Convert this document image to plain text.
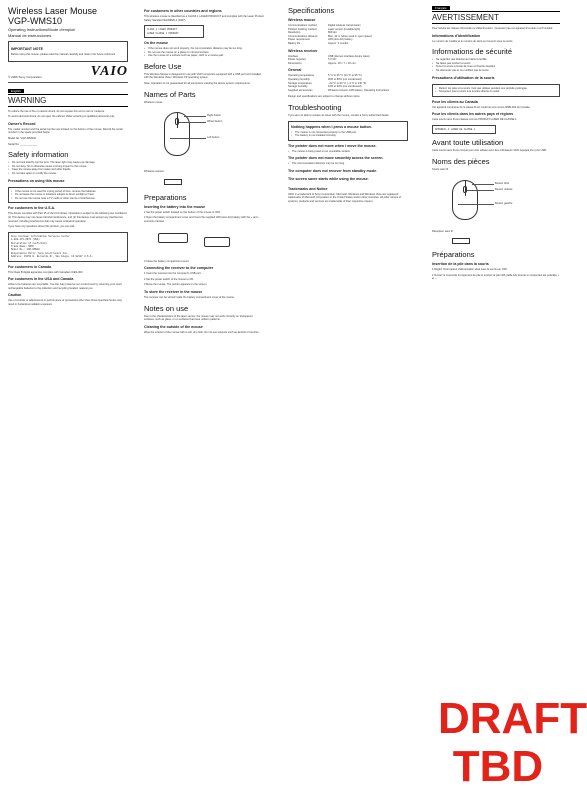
Wireless Laser Mouse
VGP-WMS10
Operating Instructions/Mode d'emploi/
Manual de instrucciones
IMPORTANT NOTE
Before using this mouse, please read this manual carefully and retain it for future reference.
© 2006 Sony Corporation	VAIO
English
WARNING
To reduce the risk of fire or electric shock, do not expose this unit to rain or moisture.
To avoid electrical shock, do not open the cabinet. Refer servicing to qualified personnel only.
Owner's Record
The model number and the serial number are located on the bottom of the mouse. Record the serial number in the space provided below.
Model No. VGP-WMS10
Serial No. ____________
Safety information
• Do not look directly into the lens. The laser light may cause eye damage.
• Do not drop, hit or otherwise cause a strong impact to the mouse.
• Keep the mouse away from water and other liquids.
• Do not take apart or modify the mouse.
Precautions on using this mouse
• If the mouse is not used for a long period of time, remove the batteries.
• Do not leave the mouse in locations subject to direct sunlight or heat.
• Do not use the mouse near a TV, radio or other source of interference.
For customers in the U.S.A.
This device complies with Part 15 of the FCC Rules. Operation is subject to the following two conditions: (1) This device may not cause harmful interference, and (2) this device must accept any interference received, including interference that may cause undesired operation.
If you have any questions about this product, you can call:
Sony Customer Information Services Center
1-888-476-6972 (USA)
Declaration of Conformity
Trade Name: SONY
Model No.: VGP-WMS10
Responsible Party: Sony Electronics Inc.
Address: 16450 W. Bernardo Dr, San Diego, CA 92127 U.S.A.
For customers in Canada
This Class B digital apparatus complies with Canadian ICES-003.
For customers in the USA and Canada
Lithium-Ion batteries are recyclable. You can help preserve our environment by returning your used rechargeable batteries to the collection and recycling location nearest you.
Caution
Use of controls or adjustments or performance of procedures other than those specified herein may result in hazardous radiation exposure.
For customers in other countries and regions
This wireless mouse is classified as a CLASS 1 LASER PRODUCT and complies with the Laser Product Safety Standard IEC60825-1 (2007).
CLASS 1 LASER PRODUCT
LASER KLASSE 1 PRODUKT
On the mouse
• If the mouse does not work properly, the communication distance may be too long.
• Do not use the mouse on a glass or mirrored surface.
• Use the mouse on a surface such as paper, cloth or a mouse pad.
Before Use
This Wireless Mouse is designed for use with VAIO computers equipped with a USB port and installed with the Windows Vista / Windows XP operating system.
Note: Operation is not guaranteed for all computers meeting the above system requirements.
Names of Parts
Wireless mouse
Right button
Wheel button
Left button
Wireless receiver
Preparations
Inserting the battery into the mouse
1 Set the power switch located on the bottom of the mouse to OFF.
2 Open the battery compartment cover and insert the supplied LR6 (size AA) battery with the + and − correctly oriented.
3 Close the battery compartment cover.
Connecting the receiver to the computer
1 Insert the receiver into the computer's USB port.
2 Set the power switch of the mouse to ON.
3 Move the mouse. The pointer appears on the screen.
To store the receiver in the mouse
The receiver can be stored inside the battery compartment cover of the mouse.
Notes on use
Due to the characteristics of the laser sensor, the mouse may not work correctly on transparent surfaces, such as glass, or on surfaces that have uniform patterns.
Cleaning the outside of the mouse
Wipe the exterior of the mouse with a soft, dry cloth. Do not use solvents such as alcohol or benzine.
Specifications
Wireless mouse
Communications method	Digital wireless transmission
Position tracking method	Laser sensor (invisible light)
Resolution	800 dpi
Communications distance	Max. 10 m (when used in open space)
Power requirement	LR6 (size AA) battery
Battery life	Approx. 3 months
Wireless receiver
Interface	USB (Human interface device class)
Power required	5 V DC
Dimensions	Approx. 18 × 7 × 46 mm
General
Operating temperature	5 °C to 35 °C (41 °F to 95 °F)
Operating humidity	20% to 80% (not condensed)
Storage temperature	−20 °C to 60 °C (−4 °F to 140 °F)
Storage humidity	10% to 90% (not condensed)
Supplied accessories	Wireless receiver, LR6 battery, Operating Instructions
Design and specifications are subject to change without notice.
Troubleshooting
If you are not able to resolve an issue with the mouse, contact a Sony authorized dealer.
Nothing happens when I press a mouse button.
• The mouse is not connected properly to the USB port.
• The battery is not installed correctly.
The pointer does not move when I move the mouse.
• The mouse is being used on an unsuitable surface.
The pointer does not move smoothly across the screen.
• The communication distance may be too long.
The computer does not recover from standby mode.
The screen saver starts while using the mouse.
Trademarks and Notice
VAIO is a trademark of Sony Corporation. Microsoft, Windows and Windows Vista are registered trademarks of Microsoft Corporation in the United States and/or other countries. All other names of systems, products and services are trademarks of their respective owners.
Français
AVERTISSEMENT
Pour réduire les risques d'incendie ou d'électrocution, n'exposez pas cet appareil à la pluie ni à l'humidité.
Informations d'identification
Le numéro de modèle et le numéro de série se trouvent sous la souris.
Informations de sécurité
• Ne regardez pas directement dans la lentille.
• Ne faites pas tomber la souris.
• Tenez la souris à l'écart de l'eau et d'autres liquides.
• Ne démontez pas et ne modifiez pas la souris.
Précautions d'utilisation de la souris
• Retirez les piles si la souris n'est pas utilisée pendant une période prolongée.
• N'exposez pas la souris à la lumière directe du soleil.
Pour les clients au Canada
Cet appareil numérique de la classe B est conforme à la norme NMB-003 du Canada.
Pour les clients dans les autres pays et régions
Cette souris sans fil est classée comme PRODUIT LASER DE CLASSE 1.
APPAREIL À LASER DE CLASSE 1
Avant toute utilisation
Cette souris sans fil est conçue pour être utilisée avec des ordinateurs VAIO équipés d'un port USB.
Noms des pièces
Souris sans fil
Bouton droit
Bouton molette
Bouton gauche
Récepteur sans fil
Préparations
Insertion de la pile dans la souris
1 Réglez l'interrupteur d'alimentation situé sous la souris sur OFF.
2 Ouvrez le couvercle du logement de pile et insérez la pile LR6 (taille AA) fournie en respectant les polarités + et −.
DRAFT
TBD
